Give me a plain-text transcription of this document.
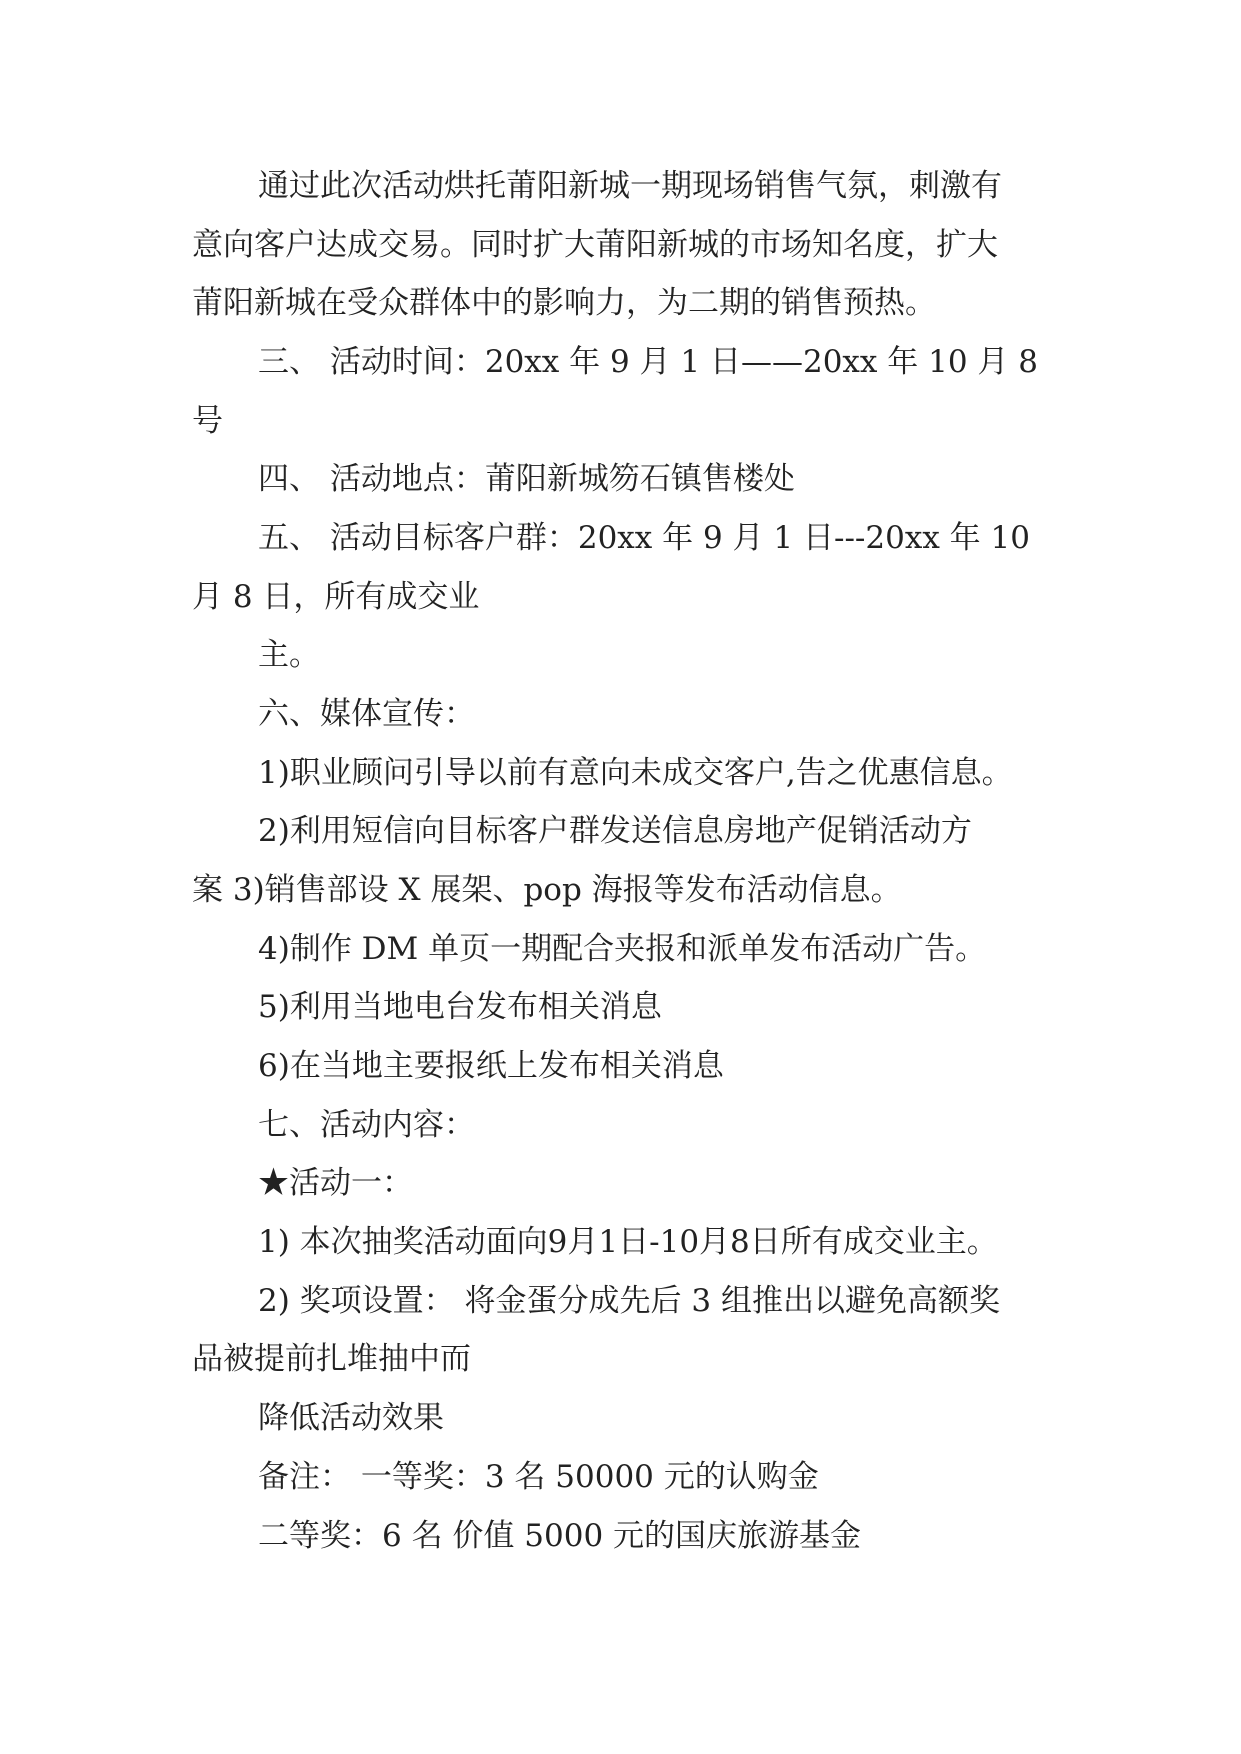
通过此次活动烘托莆阳新城一期现场销售气氛，刺激有
意向客户达成交易。同时扩大莆阳新城的市场知名度，扩大
莆阳新城在受众群体中的影响力，为二期的销售预热。
三、 活动时间：20xx 年 9 月 1 日——20xx 年 10 月 8
号
四、 活动地点：莆阳新城笏石镇售楼处
五、 活动目标客户群：20xx 年 9 月 1 日---20xx 年 10
月 8 日，所有成交业
主。
六、媒体宣传：
1)职业顾问引导以前有意向未成交客户,告之优惠信息。
2)利用短信向目标客户群发送信息房地产促销活动方
案 3)销售部设 X 展架、pop 海报等发布活动信息。
4)制作 DM 单页一期配合夹报和派单发布活动广告。
5)利用当地电台发布相关消息
6)在当地主要报纸上发布相关消息
七、活动内容：
★活动一：
1) 本次抽奖活动面向9月1日-10月8日所有成交业主。
2) 奖项设置： 将金蛋分成先后 3 组推出以避免高额奖
品被提前扎堆抽中而
降低活动效果
备注： 一等奖：3 名 50000 元的认购金
二等奖：6 名 价值 5000 元的国庆旅游基金
